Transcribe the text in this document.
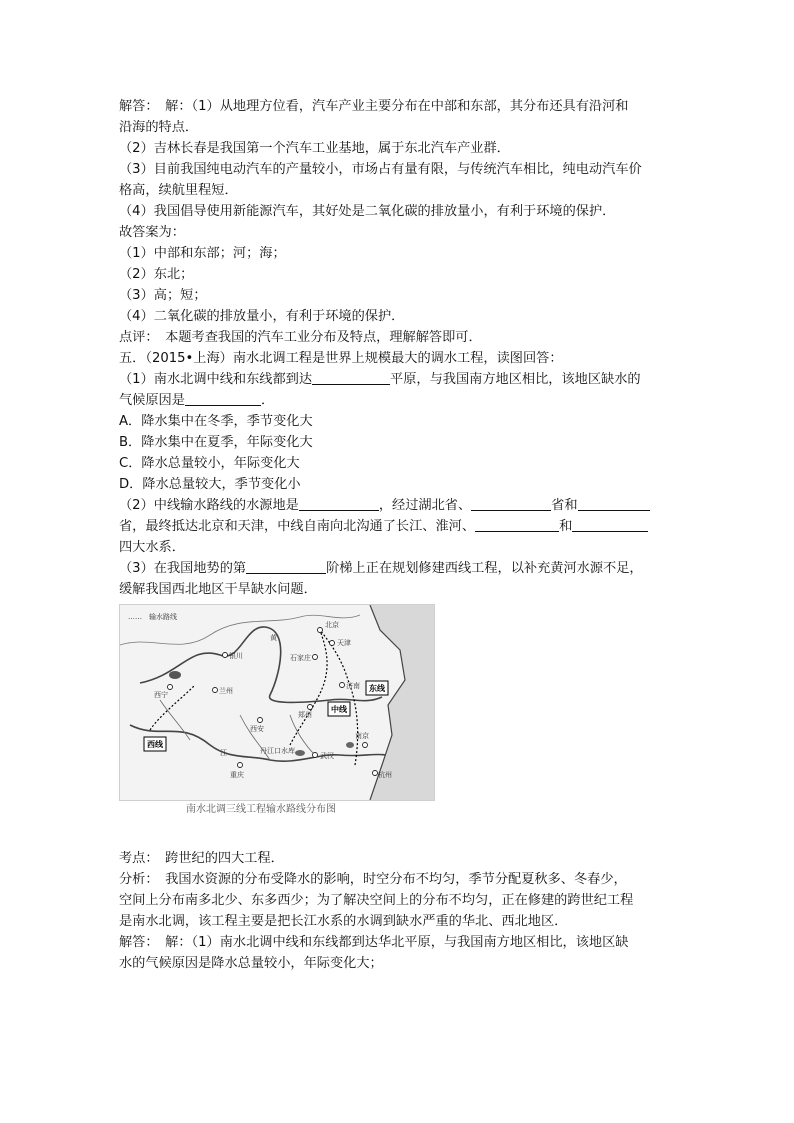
解答：　解：（1）从地理方位看，汽车产业主要分布在中部和东部，其分布还具有沿河和
沿海的特点．
（2）吉林长春是我国第一个汽车工业基地，属于东北汽车产业群．
（3）目前我国纯电动汽车的产量较小，市场占有量有限，与传统汽车相比，纯电动汽车价
格高，续航里程短．
（4）我国倡导使用新能源汽车，其好处是二氧化碳的排放量小，有利于环境的保护．
故答案为：
（1）中部和东部；河；海；
（2）东北；
（3）高；短；
（4）二氧化碳的排放量小，有利于环境的保护．
点评：　本题考查我国的汽车工业分布及特点，理解解答即可．
五．（2015•上海）南水北调工程是世界上规模最大的调水工程，读图回答：
（1）南水北调中线和东线都到达	平原，与我国南方地区相比，该地区缺水的
气候原因是	．
A．降水集中在冬季，季节变化大
B．降水集中在夏季，年际变化大
C．降水总量较小，年际变化大
D．降水总量较大，季节变化小
（2）中线输水路线的水源地是	，经过湖北省、	省和
省，最终抵达北京和天津，中线自南向北沟通了长江、淮河、	和
四大水系．
（3）在我国地势的第	阶梯上正在规划修建西线工程，以补充黄河水源不足，
缓解我国西北地区干旱缺水问题．
……　输水路线
北京
天津
石家庄
济南
银川
兰州
西宁
西安
郑州
丹江口水库
武汉
南京
杭州
重庆
黄
江
东线
中线
西线
南水北调三线工程输水路线分布图
考点：　跨世纪的四大工程．
分析：　我国水资源的分布受降水的影响，时空分布不均匀，季节分配夏秋多、冬春少，
空间上分布南多北少、东多西少；为了解决空间上的分布不均匀，正在修建的跨世纪工程
是南水北调，该工程主要是把长江水系的水调到缺水严重的华北、西北地区．
解答：　解：（1）南水北调中线和东线都到达华北平原，与我国南方地区相比，该地区缺
水的气候原因是降水总量较小，年际变化大；
